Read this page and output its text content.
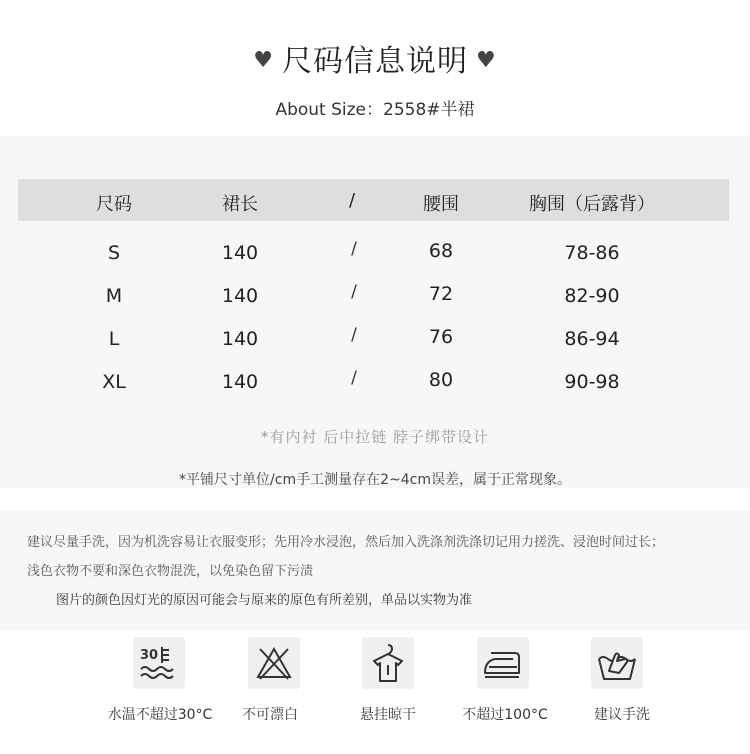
♥ 尺码信息说明 ♥
About Size：2558#半裙
尺码	裙长	/	腰围	胸围（后露背）
S	140	/	68	78-86
M	140	/	72	82-90
L	140	/	76	86-94
XL	140	/	80	90-98
*有内衬 后中拉链 脖子绑带设计
*平铺尺寸单位/cm手工测量存在2~4cm误差，属于正常现象。
建议尽量手洗，因为机洗容易让衣服变形；先用冷水浸泡，然后加入洗涤剂洗涤切记用力搓洗、浸泡时间过长；
浅色衣物不要和深色衣物混洗，以免染色留下污渍
图片的颜色因灯光的原因可能会与原来的原色有所差别，单品以实物为准
30
水温不超过30°C 不可漂白	悬挂晾干	不超过100°C	建议手洗
